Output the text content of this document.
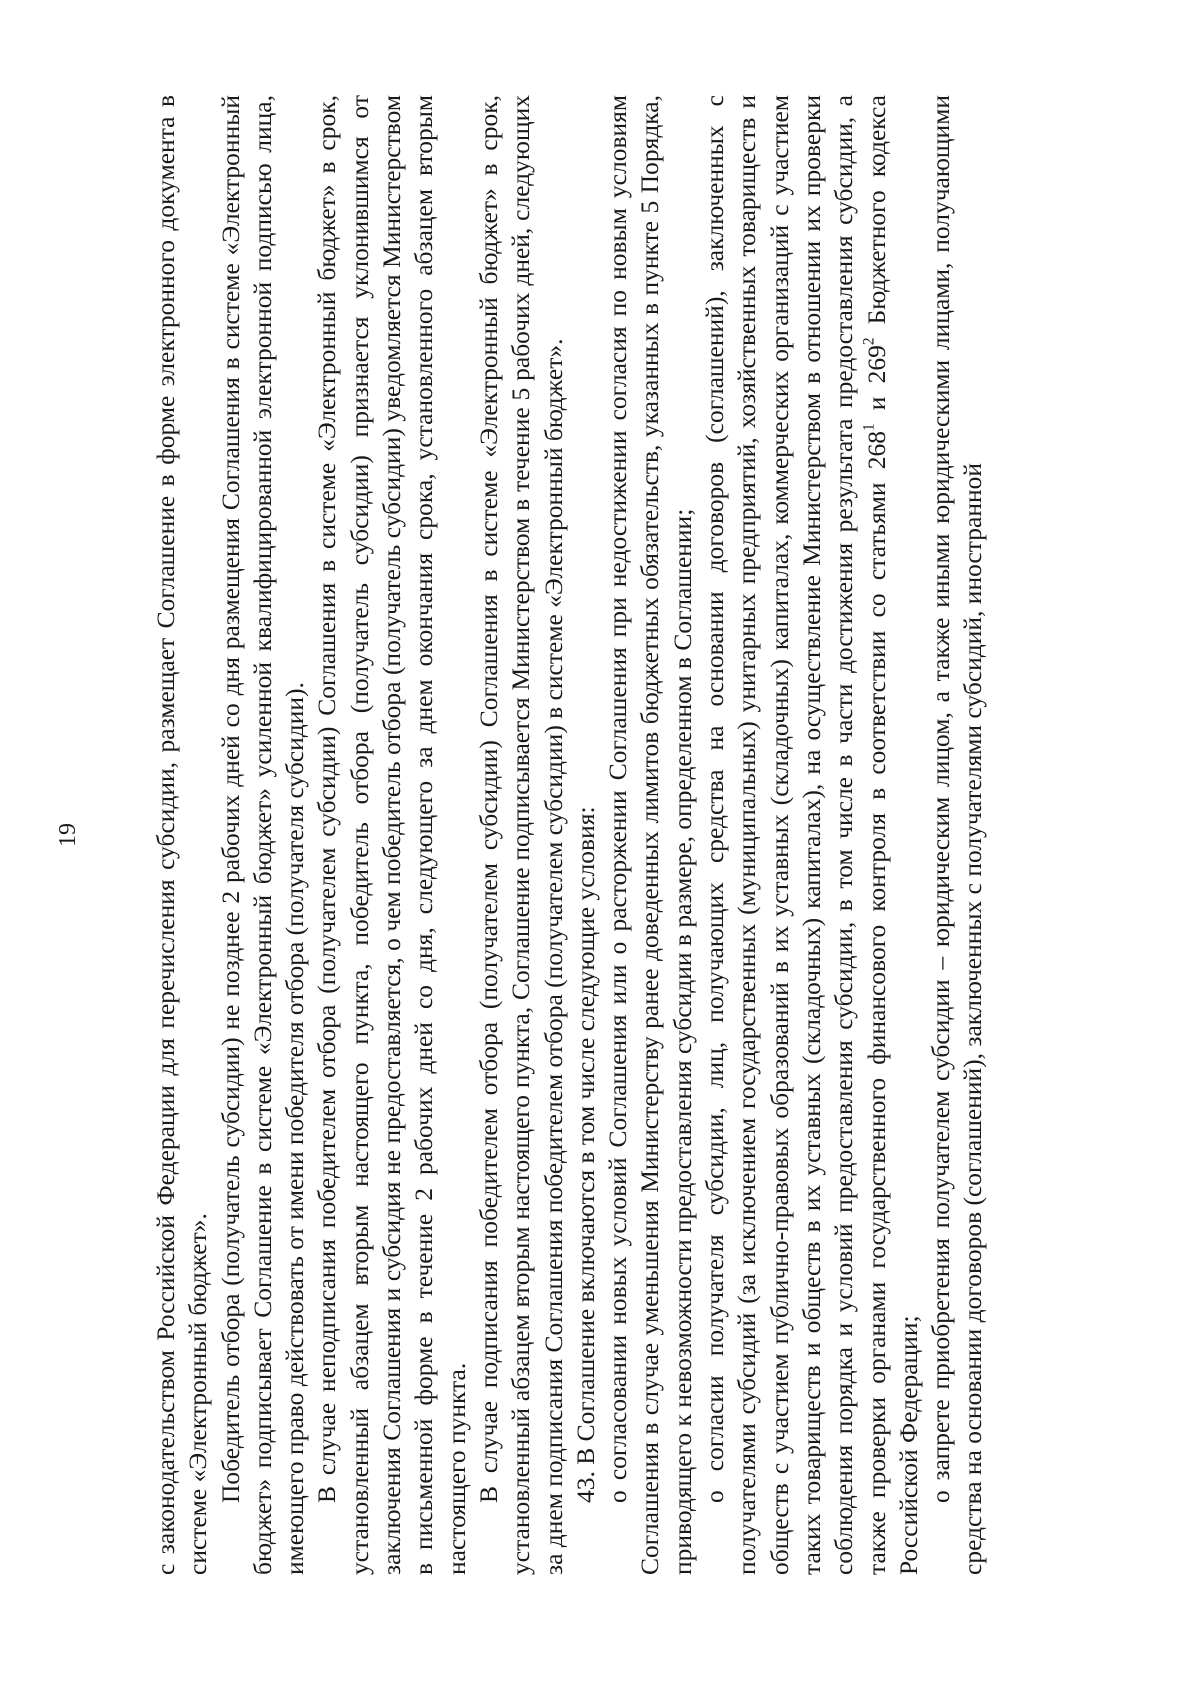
19	с законодательством Российской Федерации для перечисления субсидии, размещает Соглашение в форме электронного документа в системе «Электронный бюджет». Победитель отбора (получатель субсидии) не позднее 2 рабочих дней со дня размещения Соглашения в системе «Электронный бюджет» подписывает Соглашение в системе «Электронный бюджет» усиленной квалифицированной электронной подписью лица, имеющего право действовать от имени победителя отбора (получателя субсидии). В случае неподписания победителем отбора (получателем субсидии) Соглашения в системе «Электронный бюджет» в срок, установленный абзацем вторым настоящего пункта, победитель отбора (получатель субсидии) признается уклонившимся от заключения Соглашения и субсидия не предоставляется, о чем победитель отбора (получатель субсидии) уведомляется Министерством в письменной форме в течение 2 рабочих дней со дня, следующего за днем окончания срока, установленного абзацем вторым настоящего пункта. В случае подписания победителем отбора (получателем субсидии) Соглашения в системе «Электронный бюджет» в срок, установленный абзацем вторым настоящего пункта, Соглашение подписывается Министерством в течение 5 рабочих дней, следующих за днем подписания Соглашения победителем отбора (получателем субсидии) в системе «Электронный бюджет». 43. В Соглашение включаются в том числе следующие условия: о согласовании новых условий Соглашения или о расторжении Соглашения при недостижении согласия по новым условиям Соглашения в случае уменьшения Министерству ранее доведенных лимитов бюджетных обязательств, указанных в пункте 5 Порядка, приводящего к невозможности предоставления субсидии в размере, определенном в Соглашении; о согласии получателя субсидии, лиц, получающих средства на основании договоров (соглашений), заключенных с получателями субсидий (за исключением государственных (муниципальных) унитарных предприятий, хозяйственных товариществ и обществ с участием публично-правовых образований в их уставных (складочных) капиталах, коммерческих организаций с участием таких товариществ и обществ в их уставных (складочных) капиталах), на осуществление Министерством в отношении их проверки соблюдения порядка и условий предоставления субсидии, в том числе в части достижения результата предоставления субсидии, а также проверки органами государственного финансового контроля в соответствии со статьями $268^1$ и $269^2$ Бюджетного кодекса Российской Федерации; о запрете приобретения получателем субсидии – юридическим лицом, а также иными юридическими лицами, получающими средства на основании договоров (соглашений), заключенных с получателями субсидий, иностранной
